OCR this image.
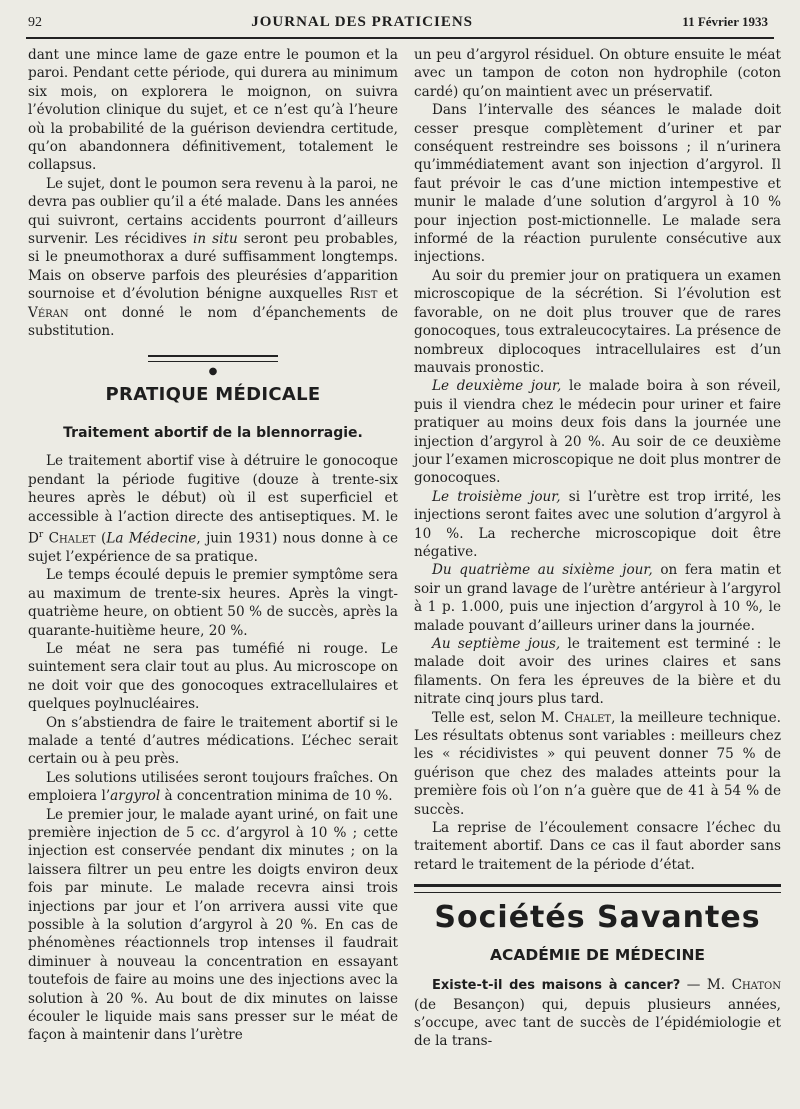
92	JOURNAL DES PRATICIENS	11 Février 1933

dant une mince lame de gaze entre le poumon et la paroi. Pendant cette période, qui durera au minimum six mois, on explorera le moignon, on suivra l’évolution clinique du sujet, et ce n’est qu’à l’heure où la probabilité de la guérison deviendra certitude, qu’on abandonnera définitivement, totalement le collapsus.

Le sujet, dont le poumon sera revenu à la paroi, ne devra pas oublier qu’il a été malade. Dans les années qui suivront, certains accidents pourront d’ailleurs survenir. Les récidives in situ seront peu probables, si le pneumothorax a duré suffisamment longtemps. Mais on observe parfois des pleurésies d’apparition sournoise et d’évolution bénigne auxquelles Rist et Véran ont donné le nom d’épanchements de substitution.

●
PRATIQUE MÉDICALE
Traitement abortif de la blennorragie.

Le traitement abortif vise à détruire le gonocoque pendant la période fugitive (douze à trente-six heures après le début) où il est superficiel et accessible à l’action directe des antiseptiques. M. le $D^r$ Chalet (La Médecine, juin 1931) nous donne à ce sujet l’expérience de sa pratique.

Le temps écoulé depuis le premier symptôme sera au maximum de trente-six heures. Après la vingt-quatrième heure, on obtient 50 % de succès, après la quarante-huitième heure, 20 %.

Le méat ne sera pas tuméfié ni rouge. Le suintement sera clair tout au plus. Au microscope on ne doit voir que des gonocoques extracellulaires et quelques poylnucléaires.

On s’abstiendra de faire le traitement abortif si le malade a tenté d’autres médications. L’échec serait certain ou à peu près.

Les solutions utilisées seront toujours fraîches. On emploiera l’argyrol à concentration minima de 10 %.

Le premier jour, le malade ayant uriné, on fait une première injection de 5 cc. d’argyrol à 10 % ; cette injection est conservée pendant dix minutes ; on la laissera filtrer un peu entre les doigts environ deux fois par minute. Le malade recevra ainsi trois injections par jour et l’on arrivera aussi vite que possible à la solution d’argyrol à 20 %. En cas de phénomènes réactionnels trop intenses il faudrait diminuer à nouveau la concentration en essayant toutefois de faire au moins une des injections avec la solution à 20 %. Au bout de dix minutes on laisse écouler le liquide mais sans presser sur le méat de façon à maintenir dans l’urètre

un peu d’argyrol résiduel. On obture ensuite le méat avec un tampon de coton non hydrophile (coton cardé) qu’on maintient avec un préservatif.

Dans l’intervalle des séances le malade doit cesser presque complètement d’uriner et par conséquent restreindre ses boissons ; il n’urinera qu’immédiatement avant son injection d’argyrol. Il faut prévoir le cas d’une miction intempestive et munir le malade d’une solution d’argyrol à 10 % pour injection post-mictionnelle. Le malade sera informé de la réaction purulente consécutive aux injections.

Au soir du premier jour on pratiquera un examen microscopique de la sécrétion. Si l’évolution est favorable, on ne doit plus trouver que de rares gonocoques, tous extraleucocytaires. La présence de nombreux diplocoques intracellulaires est d’un mauvais pronostic.

Le deuxième jour, le malade boira à son réveil, puis il viendra chez le médecin pour uriner et faire pratiquer au moins deux fois dans la journée une injection d’argyrol à 20 %. Au soir de ce deuxième jour l’examen microscopique ne doit plus montrer de gonocoques.

Le troisième jour, si l’urètre est trop irrité, les injections seront faites avec une solution d’argyrol à 10 %. La recherche microscopique doit être négative.

Du quatrième au sixième jour, on fera matin et soir un grand lavage de l’urètre antérieur à l’argyrol à 1 p. 1.000, puis une injection d’argyrol à 10 %, le malade pouvant d’ailleurs uriner dans la journée.

Au septième jous, le traitement est terminé : le malade doit avoir des urines claires et sans filaments. On fera les épreuves de la bière et du nitrate cinq jours plus tard.

Telle est, selon M. Chalet, la meilleure technique. Les résultats obtenus sont variables : meilleurs chez les « récidivistes » qui peuvent donner 75 % de guérison que chez des malades atteints pour la première fois où l’on n’a guère que de 41 à 54 % de succès.

La reprise de l’écoulement consacre l’échec du traitement abortif. Dans ce cas il faut aborder sans retard le traitement de la période d’état.

Sociétés Savantes
ACADÉMIE DE MÉDECINE

Existe-t-il des maisons à cancer? — M. Chaton (de Besançon) qui, depuis plusieurs années, s’occupe, avec tant de succès de l’épidémiologie et de la trans-
